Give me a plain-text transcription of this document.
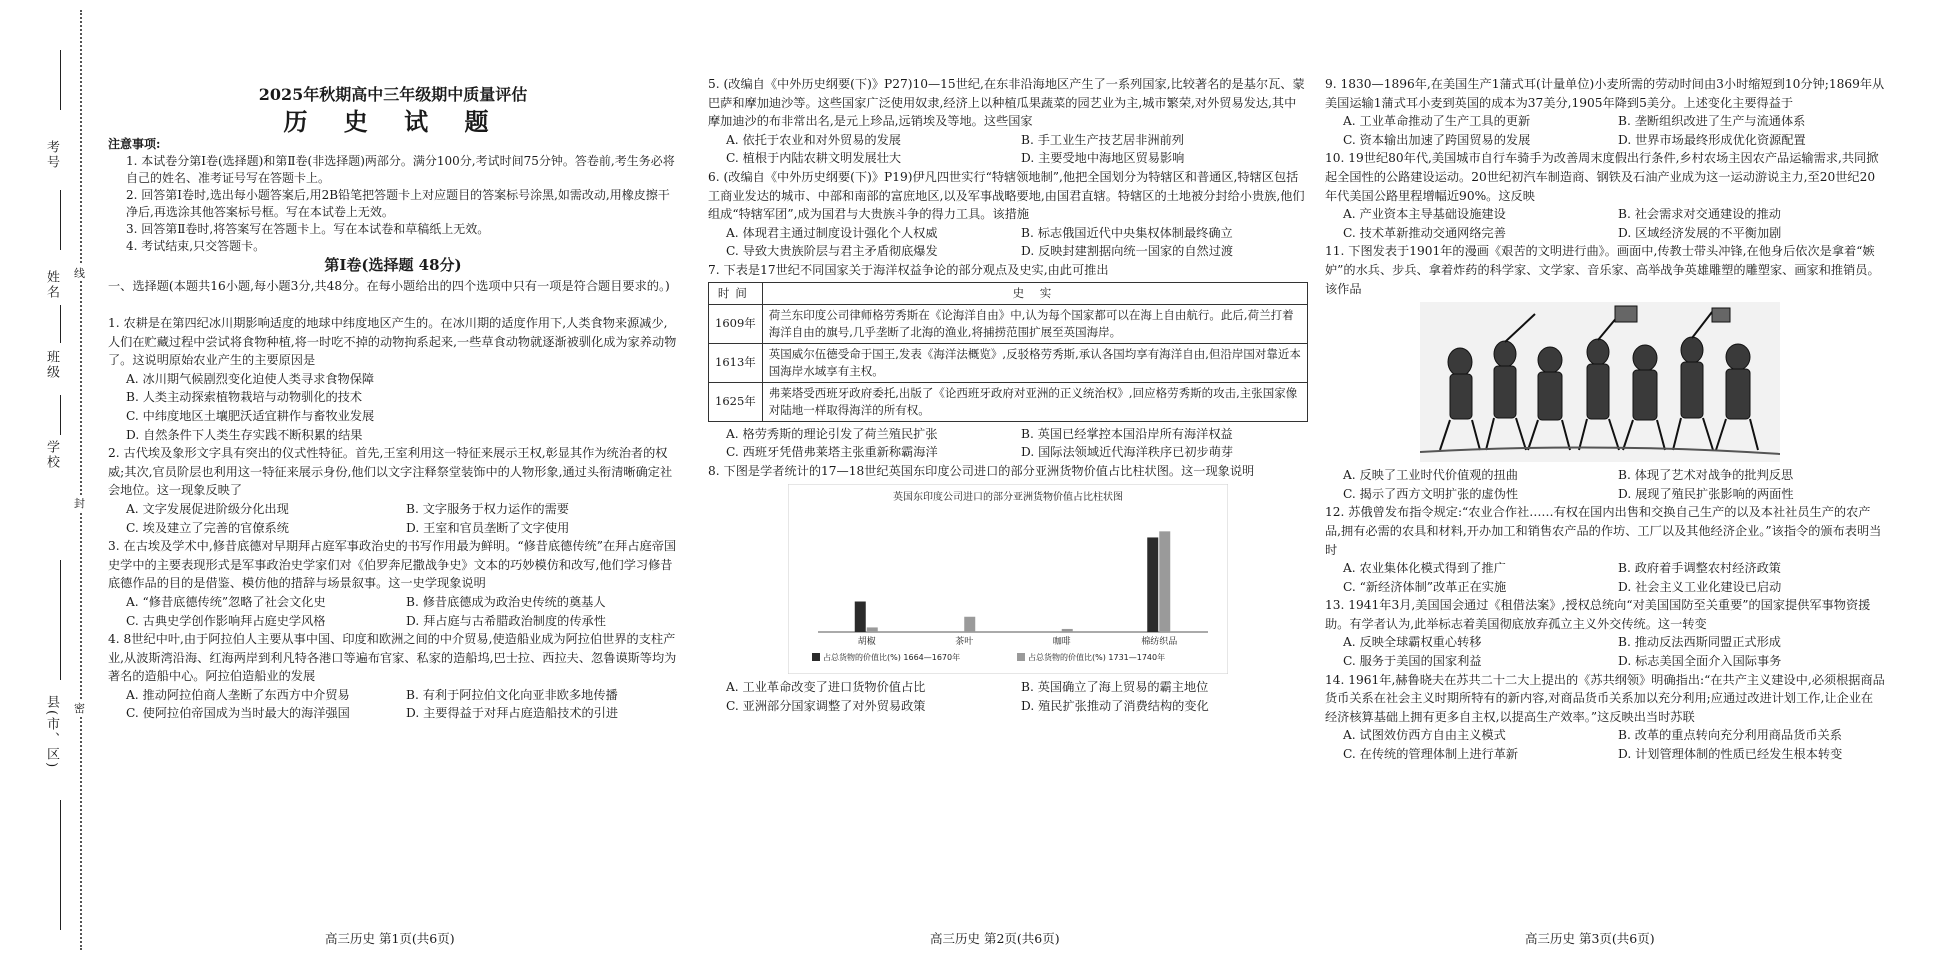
考号
姓名
班级
学校
县(市、区)
线
封
密
2025年秋期高中三年级期中质量评估
历 史 试 题
注意事项:
1. 本试卷分第Ⅰ卷(选择题)和第Ⅱ卷(非选择题)两部分。满分100分,考试时间75分钟。答卷前,考生务必将自己的姓名、准考证号写在答题卡上。
2. 回答第Ⅰ卷时,选出每小题答案后,用2B铅笔把答题卡上对应题目的答案标号涂黑,如需改动,用橡皮擦干净后,再选涂其他答案标号框。写在本试卷上无效。
3. 回答第Ⅱ卷时,将答案写在答题卡上。写在本试卷和草稿纸上无效。
4. 考试结束,只交答题卡。
第Ⅰ卷(选择题 48分)
一、选择题(本题共16小题,每小题3分,共48分。在每小题给出的四个选项中只有一项是符合题目要求的。)
1. 农耕是在第四纪冰川期影响适度的地球中纬度地区产生的。在冰川期的适度作用下,人类食物来源减少,人们在贮藏过程中尝试将食物种植,将一时吃不掉的动物拘系起来,一些草食动物就逐渐被驯化成为家养动物了。这说明原始农业产生的主要原因是
A. 冰川期气候剧烈变化迫使人类寻求食物保障
B. 人类主动探索植物栽培与动物驯化的技术
C. 中纬度地区土壤肥沃适宜耕作与畜牧业发展
D. 自然条件下人类生存实践不断积累的结果
2. 古代埃及象形文字具有突出的仪式性特征。首先,王室利用这一特征来展示王权,彰显其作为统治者的权威;其次,官员阶层也利用这一特征来展示身份,他们以文字注释祭堂装饰中的人物形象,通过头衔清晰确定社会地位。这一现象反映了
A. 文字发展促进阶级分化出现	B. 文字服务于权力运作的需要
C. 埃及建立了完善的官僚系统	D. 王室和官员垄断了文字使用
3. 在古埃及学术中,修昔底德对早期拜占庭军事政治史的书写作用最为鲜明。“修昔底德传统”在拜占庭帝国史学中的主要表现形式是军事政治史学家们对《伯罗奔尼撒战争史》文本的巧妙模仿和改写,他们学习修昔底德作品的目的是借鉴、模仿他的措辞与场景叙事。这一史学现象说明
A. “修昔底德传统”忽略了社会文化史	B. 修昔底德成为政治史传统的奠基人
C. 古典史学创作影响拜占庭史学风格	D. 拜占庭与古希腊政治制度的传承性
4. 8世纪中叶,由于阿拉伯人主要从事中国、印度和欧洲之间的中介贸易,使造船业成为阿拉伯世界的支柱产业,从波斯湾沿海、红海两岸到利凡特各港口等遍布官家、私家的造船坞,巴士拉、西拉夫、忽鲁谟斯等均为著名的造船中心。阿拉伯造船业的发展
A. 推动阿拉伯商人垄断了东西方中介贸易	B. 有利于阿拉伯文化向亚非欧多地传播
C. 使阿拉伯帝国成为当时最大的海洋强国	D. 主要得益于对拜占庭造船技术的引进
5. (改编自《中外历史纲要(下)》P27)10—15世纪,在东非沿海地区产生了一系列国家,比较著名的是基尔瓦、蒙巴萨和摩加迪沙等。这些国家广泛使用奴隶,经济上以种植瓜果蔬菜的园艺业为主,城市繁荣,对外贸易发达,其中摩加迪沙的布非常出名,是元上珍品,远销埃及等地。这些国家
A. 依托于农业和对外贸易的发展	B. 手工业生产技艺居非洲前列
C. 植根于内陆农耕文明发展壮大	D. 主要受地中海地区贸易影响
6. (改编自《中外历史纲要(下)》P19)伊凡四世实行“特辖领地制”,他把全国划分为特辖区和普通区,特辖区包括工商业发达的城市、中部和南部的富庶地区,以及军事战略要地,由国君直辖。特辖区的土地被分封给小贵族,他们组成“特辖军团”,成为国君与大贵族斗争的得力工具。该措施
A. 体现君主通过制度设计强化个人权威	B. 标志俄国近代中央集权体制最终确立
C. 导致大贵族阶层与君主矛盾彻底爆发	D. 反映封建割据向统一国家的自然过渡
7. 下表是17世纪不同国家关于海洋权益争论的部分观点及史实,由此可推出
时间	史 实
1609年	荷兰东印度公司律师格劳秀斯在《论海洋自由》中,认为每个国家都可以在海上自由航行。此后,荷兰打着海洋自由的旗号,几乎垄断了北海的渔业,将捕捞范围扩展至英国海岸。
1613年	英国威尔伍德受命于国王,发表《海洋法概览》,反驳格劳秀斯,承认各国均享有海洋自由,但沿岸国对靠近本国海岸水域享有主权。
1625年	弗莱塔受西班牙政府委托,出版了《论西班牙政府对亚洲的正义统治权》,回应格劳秀斯的攻击,主张国家像对陆地一样取得海洋的所有权。
A. 格劳秀斯的理论引发了荷兰殖民扩张	B. 英国已经掌控本国沿岸所有海洋权益
C. 西班牙凭借弗莱塔主张重新称霸海洋	D. 国际法领域近代海洋秩序已初步萌芽
8. 下图是学者统计的17—18世纪英国东印度公司进口的部分亚洲货物价值占比柱状图。这一现象说明
英国东印度公司进口的部分亚洲货物价值占比柱状图
胡椒	茶叶	咖啡	棉纺织品
占总货物的价值比(%) 1664—1670年	占总货物的价值比(%) 1731—1740年
A. 工业革命改变了进口货物价值占比	B. 英国确立了海上贸易的霸主地位
C. 亚洲部分国家调整了对外贸易政策	D. 殖民扩张推动了消费结构的变化
9. 1830—1896年,在美国生产1蒲式耳(计量单位)小麦所需的劳动时间由3小时缩短到10分钟;1869年从美国运输1蒲式耳小麦到英国的成本为37美分,1905年降到5美分。上述变化主要得益于
A. 工业革命推动了生产工具的更新	B. 垄断组织改进了生产与流通体系
C. 资本输出加速了跨国贸易的发展	D. 世界市场最终形成优化资源配置
10. 19世纪80年代,美国城市自行车骑手为改善周末度假出行条件,乡村农场主因农产品运输需求,共同掀起全国性的公路建设运动。20世纪初汽车制造商、钢铁及石油产业成为这一运动游说主力,至20世纪20年代美国公路里程增幅近90%。这反映
A. 产业资本主导基础设施建设	B. 社会需求对交通建设的推动
C. 技术革新推动交通网络完善	D. 区域经济发展的不平衡加剧
11. 下图发表于1901年的漫画《艰苦的文明进行曲》。画面中,传教士带头冲锋,在他身后依次是拿着“嫉妒”的水兵、步兵、拿着炸药的科学家、文学家、音乐家、高举战争英雄雕塑的雕塑家、画家和推销员。该作品
A. 反映了工业时代价值观的扭曲	B. 体现了艺术对战争的批判反思
C. 揭示了西方文明扩张的虚伪性	D. 展现了殖民扩张影响的两面性
12. 苏俄曾发布指令规定:“农业合作社……有权在国内出售和交换自己生产的以及本社社员生产的农产品,拥有必需的农具和材料,开办加工和销售农产品的作坊、工厂以及其他经济企业。”该指令的颁布表明当时
A. 农业集体化模式得到了推广	B. 政府着手调整农村经济政策
C. “新经济体制”改革正在实施	D. 社会主义工业化建设已启动
13. 1941年3月,美国国会通过《租借法案》,授权总统向“对美国国防至关重要”的国家提供军事物资援助。有学者认为,此举标志着美国彻底放弃孤立主义外交传统。这一转变
A. 反映全球霸权重心转移	B. 推动反法西斯同盟正式形成
C. 服务于美国的国家利益	D. 标志美国全面介入国际事务
14. 1961年,赫鲁晓夫在苏共二十二大上提出的《苏共纲领》明确指出:“在共产主义建设中,必须根据商品货币关系在社会主义时期所特有的新内容,对商品货币关系加以充分利用;应通过改进计划工作,让企业在经济核算基础上拥有更多自主权,以提高生产效率。”这反映出当时苏联
A. 试图效仿西方自由主义模式	B. 改革的重点转向充分利用商品货币关系
C. 在传统的管理体制上进行革新	D. 计划管理体制的性质已经发生根本转变
高三历史 第1页(共6页)	高三历史 第2页(共6页)	高三历史 第3页(共6页)
